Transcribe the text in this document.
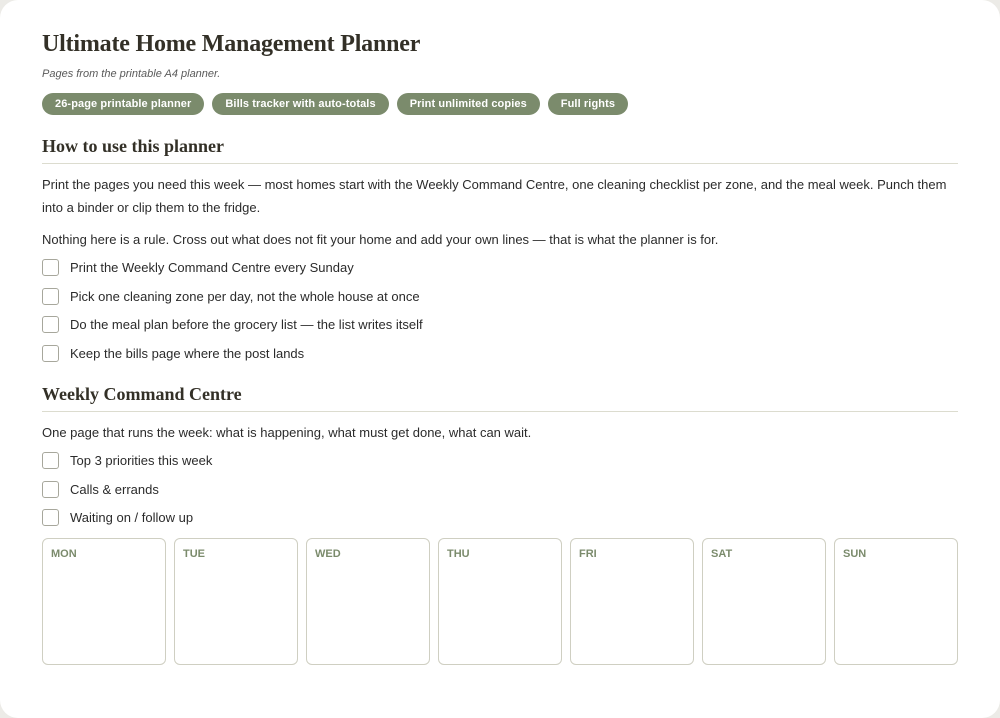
Ultimate Home Management Planner
Pages from the printable A4 planner.
26-page printable planner	Bills tracker with auto-totals	Print unlimited copies	Full rights
How to use this planner

Print the pages you need this week — most homes start with the Weekly Command Centre, one cleaning checklist per zone, and the meal week. Punch them into a binder or clip them to the fridge.

Nothing here is a rule. Cross out what does not fit your home and add your own lines — that is what the planner is for.

Print the Weekly Command Centre every Sunday
Pick one cleaning zone per day, not the whole house at once
Do the meal plan before the grocery list — the list writes itself
Keep the bills page where the post lands
Weekly Command Centre

One page that runs the week: what is happening, what must get done, what can wait.

Top 3 priorities this week
Calls & errands
Waiting on / follow up
MON	TUE	WED	THU	FRI	SAT	SUN
